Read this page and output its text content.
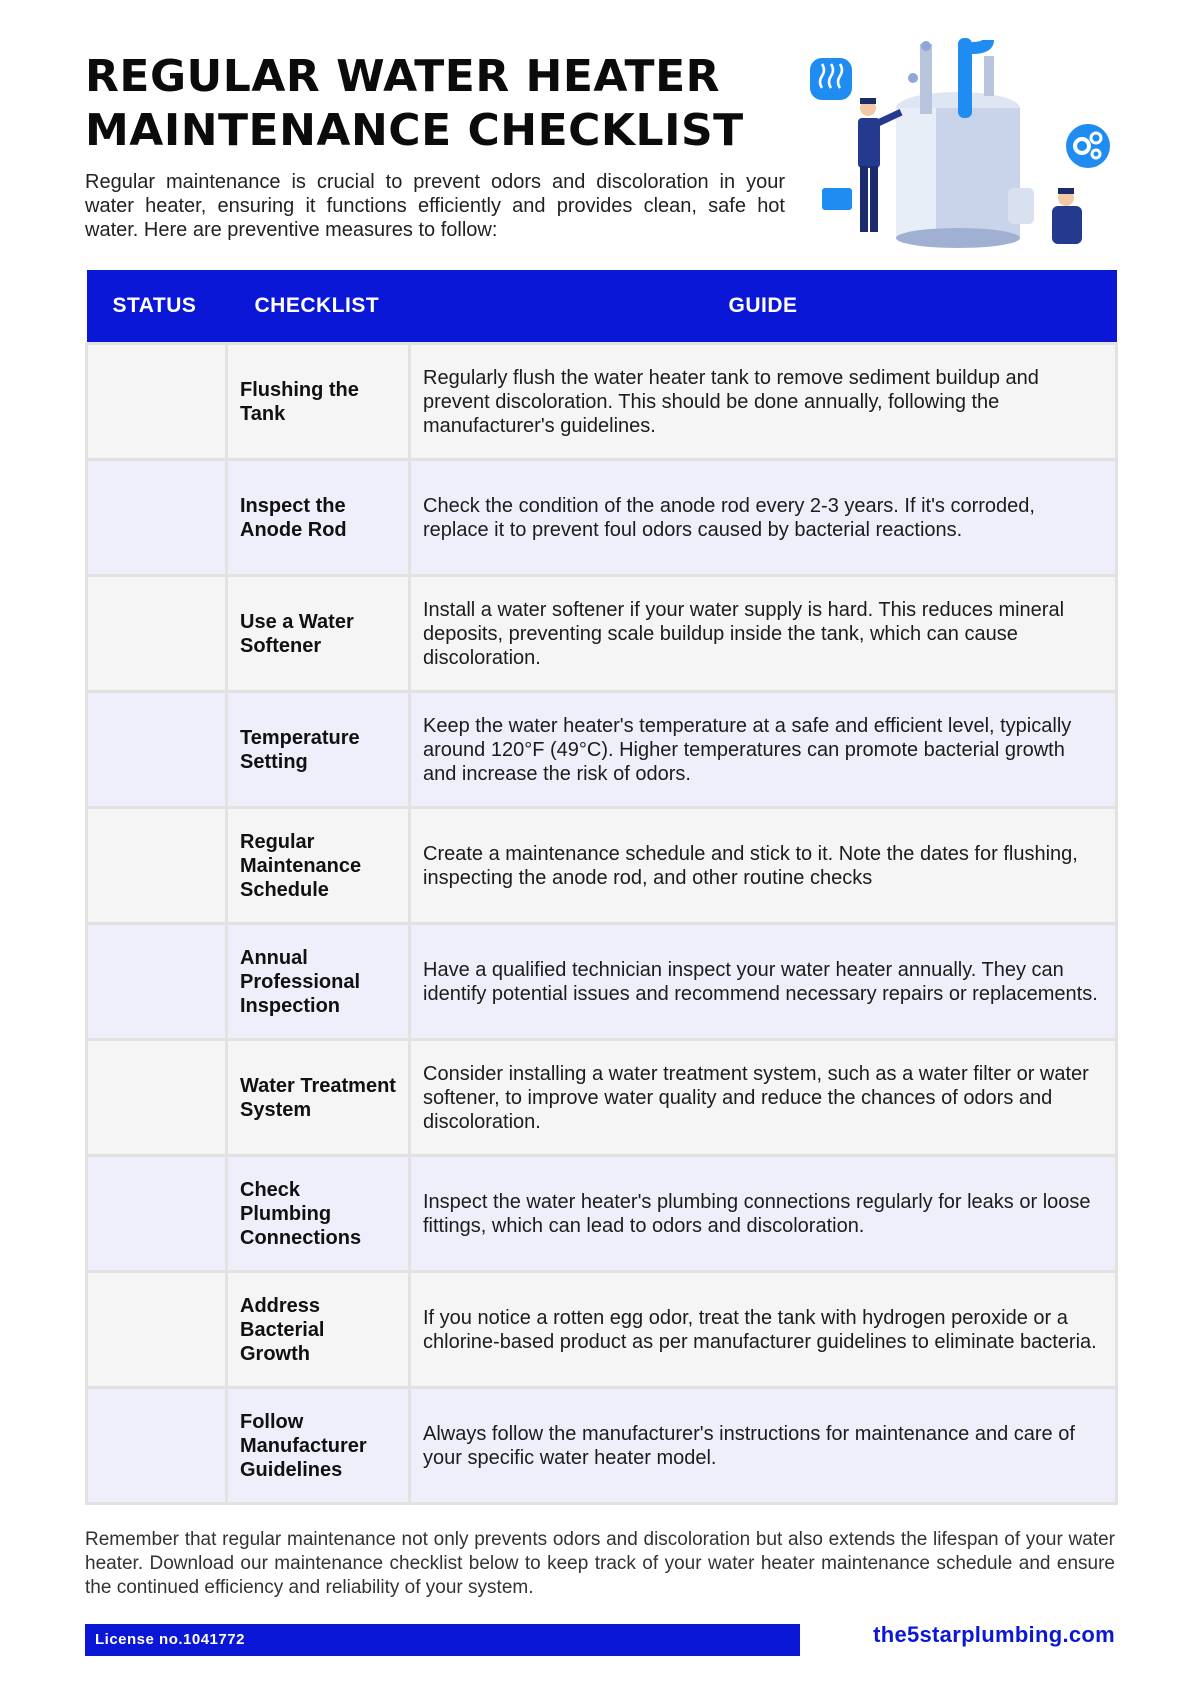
REGULAR WATER HEATER
MAINTENANCE CHECKLIST

Regular maintenance is crucial to prevent odors and discoloration in your water heater, ensuring it functions efficiently and provides clean, safe hot water. Here are preventive measures to follow:

STATUS	CHECKLIST	GUIDE
	Flushing the Tank	Regularly flush the water heater tank to remove sediment buildup and prevent discoloration. This should be done annually, following the manufacturer's guidelines.
	Inspect the Anode Rod	Check the condition of the anode rod every 2-3 years. If it's corroded, replace it to prevent foul odors caused by bacterial reactions.
	Use a Water Softener	Install a water softener if your water supply is hard. This reduces mineral deposits, preventing scale buildup inside the tank, which can cause discoloration.
	Temperature Setting	Keep the water heater's temperature at a safe and efficient level, typically around 120°F (49°C). Higher temperatures can promote bacterial growth and increase the risk of odors.
	Regular Maintenance Schedule	Create a maintenance schedule and stick to it. Note the dates for flushing, inspecting the anode rod, and other routine checks
	Annual Professional Inspection	Have a qualified technician inspect your water heater annually. They can identify potential issues and recommend necessary repairs or replacements.
	Water Treatment System	Consider installing a water treatment system, such as a water filter or water softener, to improve water quality and reduce the chances of odors and discoloration.
	Check Plumbing Connections	Inspect the water heater's plumbing connections regularly for leaks or loose fittings, which can lead to odors and discoloration.
	Address Bacterial Growth	If you notice a rotten egg odor, treat the tank with hydrogen peroxide or a chlorine-based product as per manufacturer guidelines to eliminate bacteria.
	Follow Manufacturer Guidelines	Always follow the manufacturer's instructions for maintenance and care of your specific water heater model.

Remember that regular maintenance not only prevents odors and discoloration but also extends the lifespan of your water heater. Download our maintenance checklist below to keep track of your water heater maintenance schedule and ensure the continued efficiency and reliability of your system.

License no.1041772	the5starplumbing.com
